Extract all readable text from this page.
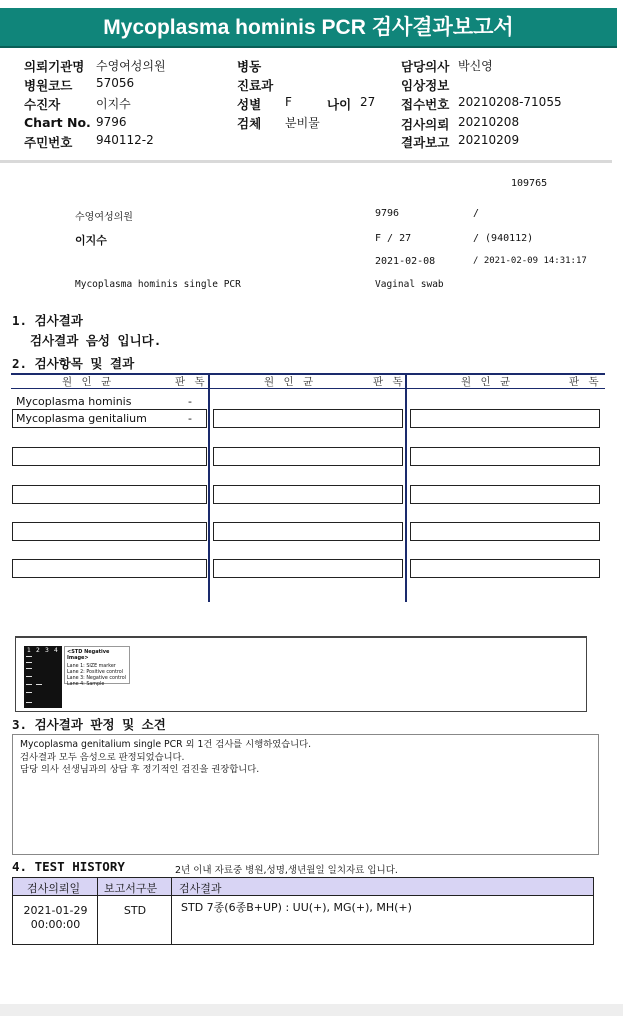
Mycoplasma hominis PCR 검사결과보고서
의뢰기관명 수영여성의원
병원코드 57056
수진자	이지수
Chart No. 9796
주민번호 940112-2
병동
진료과
성별 F	나이 27
검체 분비물
담당의사 박신영
임상정보
접수번호 20210208-71055
검사의뢰 20210208
결과보고 20210209
109765
수영여성의원	9796	/
이지수	F / 27	/ (940112)
2021-02-08	/ 2021-02-09 14:31:17
Mycoplasma hominis single PCR	Vaginal swab
1. 검사결과
검사결과 음성 입니다.
2. 검사항목 및 결과
원 인 균	판 독	원 인 균	판 독	원 인 균	판 독
Mycoplasma hominis	-
Mycoplasma genitalium	-
1 2 3 4 <STD Negative Image>
Lane 1: SIZE marker
Lane 2: Positive control
Lane 3: Negative control
Lane 4: Sample
3. 검사결과 판정 및 소견
Mycoplasma genitalium single PCR 외 1건 검사를 시행하였습니다.
검사결과 모두 음성으로 판정되었습니다.
담당 의사 선생님과의 상담 후 정기적인 검진을 권장합니다.
4. TEST HISTORY	2년 이내 자료중 병원,성명,생년월일 일치자료 입니다.
검사의뢰일 보고서구분 검사결과
2021-01-29
00:00:00
STD	STD 7종(6종B+UP) : UU(+), MG(+), MH(+)
